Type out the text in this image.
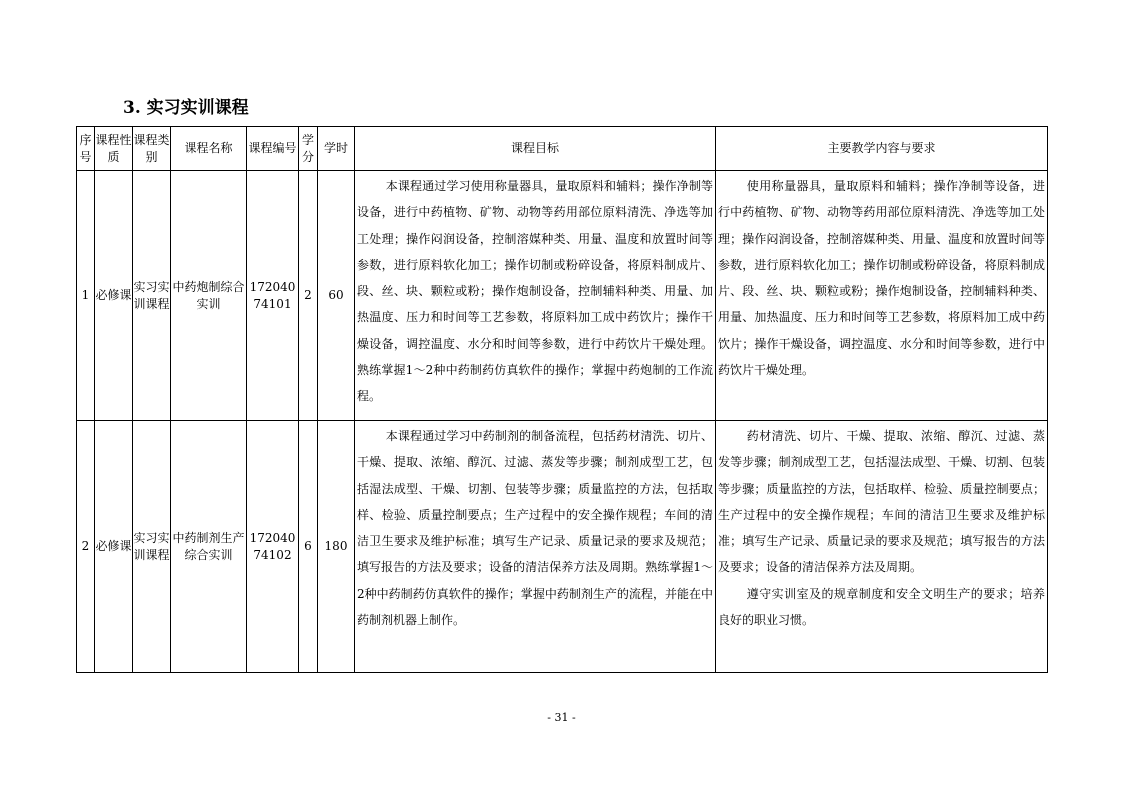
3. 实习实训课程
序号	课程性质	课程类别	课程名称	课程编号	学分	学时	课程目标	主要教学内容与要求
1	必修课	实习实训课程	中药炮制综合实训	17204074101	2	60	本课程通过学习使用称量器具，量取原料和辅料；操作净制等设备，进行中药植物、矿物、动物等药用部位原料清洗、净选等加工处理；操作闷润设备，控制溶媒种类、用量、温度和放置时间等参数，进行原料软化加工；操作切制或粉碎设备，将原料制成片、段、丝、块、颗粒或粉；操作炮制设备，控制辅料种类、用量、加热温度、压力和时间等工艺参数，将原料加工成中药饮片；操作干燥设备，调控温度、水分和时间等参数，进行中药饮片干燥处理。熟练掌握1～2种中药制药仿真软件的操作；掌握中药炮制的工作流程。	使用称量器具，量取原料和辅料；操作净制等设备，进行中药植物、矿物、动物等药用部位原料清洗、净选等加工处理；操作闷润设备，控制溶媒种类、用量、温度和放置时间等参数，进行原料软化加工；操作切制或粉碎设备，将原料制成片、段、丝、块、颗粒或粉；操作炮制设备，控制辅料种类、用量、加热温度、压力和时间等工艺参数，将原料加工成中药饮片；操作干燥设备，调控温度、水分和时间等参数，进行中药饮片干燥处理。

2	必修课	实习实训课程	中药制剂生产综合实训	17204074102	6	180	本课程通过学习中药制剂的制备流程，包括药材清洗、切片、干燥、提取、浓缩、醇沉、过滤、蒸发等步骤；制剂成型工艺，包括湿法成型、干燥、切割、包装等步骤；质量监控的方法，包括取样、检验、质量控制要点；生产过程中的安全操作规程；车间的清洁卫生要求及维护标准；填写生产记录、质量记录的要求及规范；填写报告的方法及要求；设备的清洁保养方法及周期。熟练掌握1～2种中药制药仿真软件的操作；掌握中药制剂生产的流程，并能在中药制剂机器上制作。	药材清洗、切片、干燥、提取、浓缩、醇沉、过滤、蒸发等步骤；制剂成型工艺，包括湿法成型、干燥、切割、包装等步骤；质量监控的方法，包括取样、检验、质量控制要点；生产过程中的安全操作规程；车间的清洁卫生要求及维护标准；填写生产记录、质量记录的要求及规范；填写报告的方法及要求；设备的清洁保养方法及周期。

遵守实训室及的规章制度和安全文明生产的要求；培养良好的职业习惯。

- 31 -
